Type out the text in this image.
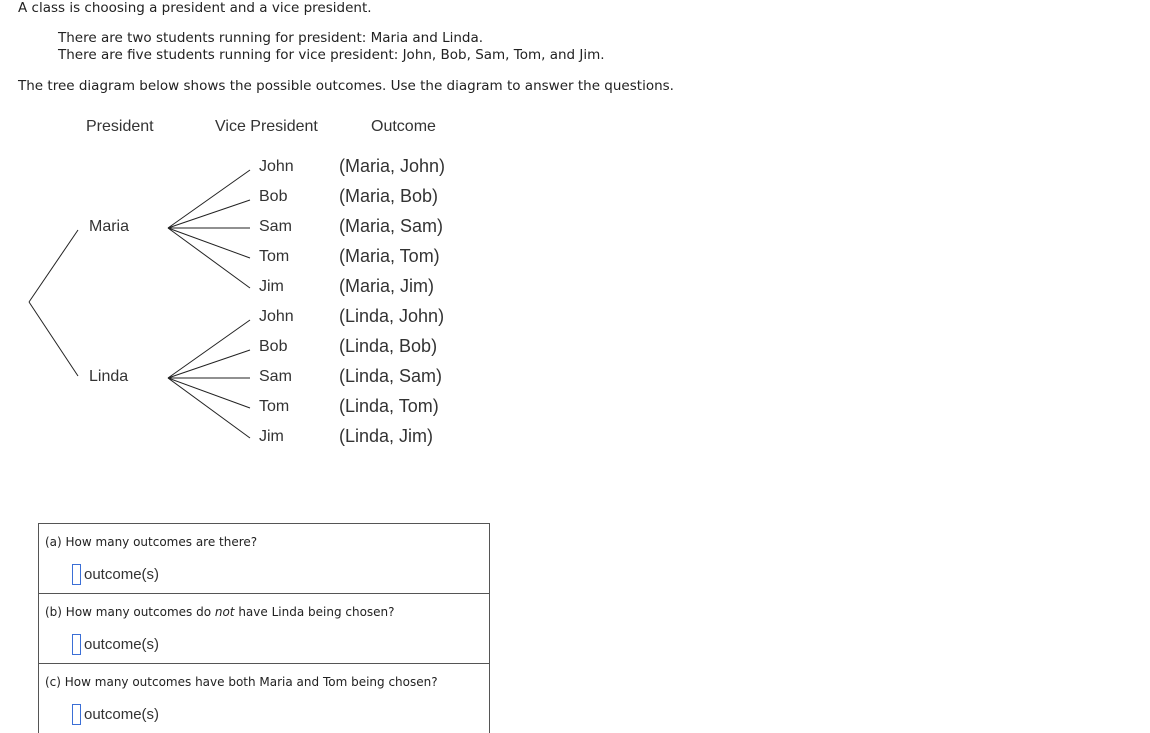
A class is choosing a president and a vice president.
There are two students running for president: Maria and Linda.
There are five students running for vice president: John, Bob, Sam, Tom, and Jim.
The tree diagram below shows the possible outcomes. Use the diagram to answer the questions.
President	Vice President	Outcome
Maria
Linda
John
Bob
Sam
Tom
Jim
John
Bob
Sam
Tom
Jim
(Maria, John)
(Maria, Bob)
(Maria, Sam)
(Maria, Tom)
(Maria, Jim)
(Linda, John)
(Linda, Bob)
(Linda, Sam)
(Linda, Tom)
(Linda, Jim)
(a) How many outcomes are there?
outcome(s)
(b) How many outcomes do not have Linda being chosen?
outcome(s)
(c) How many outcomes have both Maria and Tom being chosen?
outcome(s)
